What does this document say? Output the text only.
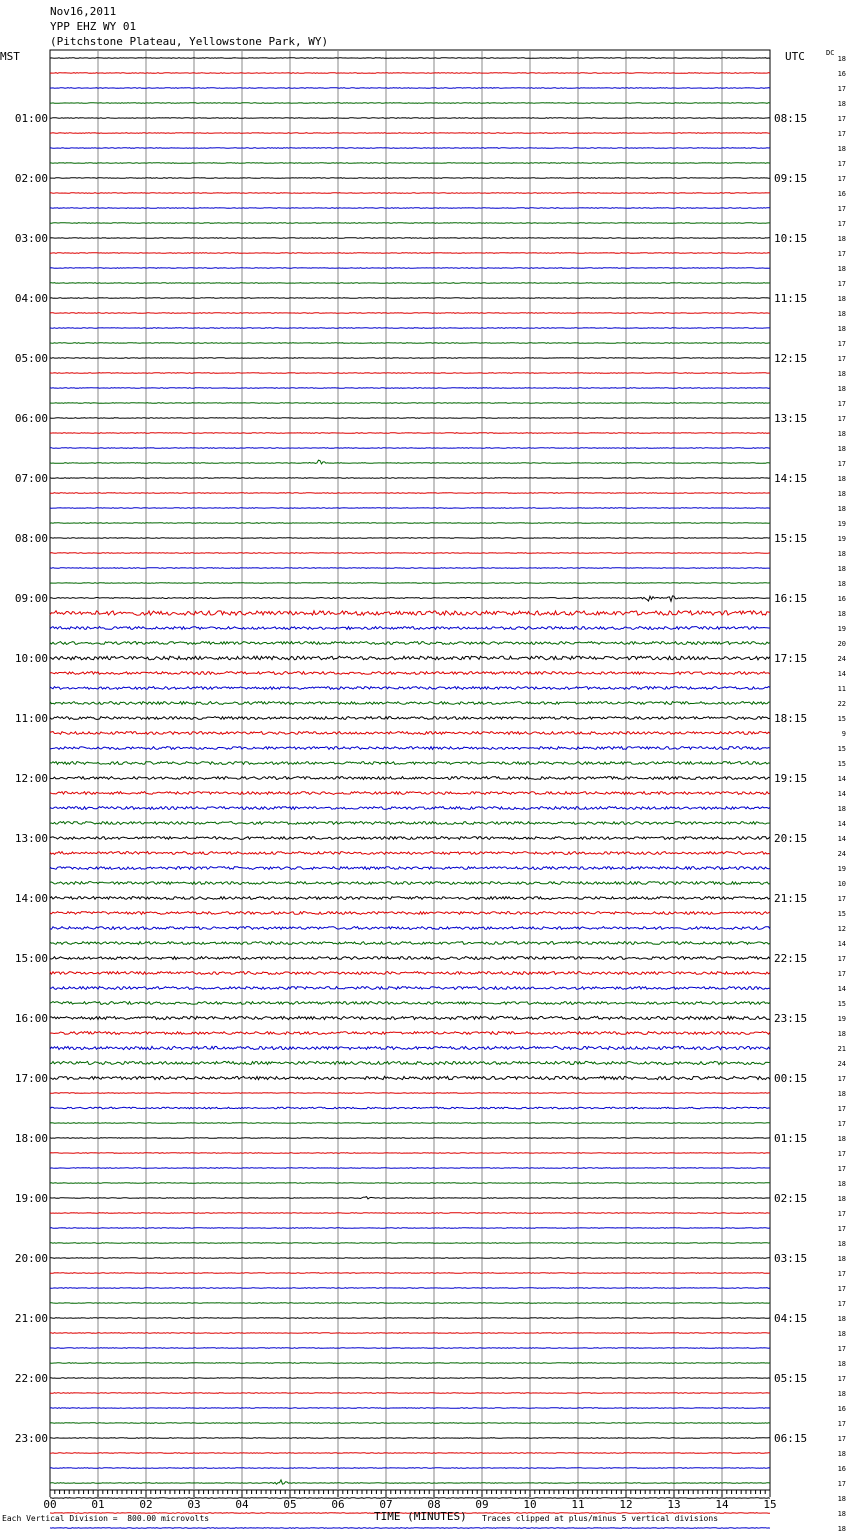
Nov16,2011
YPP EHZ WY 01
(Pitchstone Plateau, Yellowstone Park, WY)
MST	UTC	DC
01:00
02:00
03:00
04:00
05:00
06:00
07:00
08:00
09:00
10:00
11:00
12:00
13:00
14:00
15:00
16:00
17:00
18:00
19:00
20:00
21:00
22:00
23:00
08:15
09:15
10:15
11:15
12:15
13:15
14:15
15:15
16:15
17:15
18:15
19:15
20:15
21:15
22:15
23:15
00:15
01:15
02:15
03:15
04:15
05:15
06:15
18
16
17
18
17
17
18
17
17
16
17
17
18
17
18
17
18
18
18
17
17
18
18
17
17
18
18
17
18
18
18
19
19
18
18
18
16
18
19
20
24
14
11
22
15
9
15
15
14
14
18
14
14
24
19
10
17
15
12
14
17
17
14
15
19
18
21
24
17
18
17
17
18
17
17
18
18
17
17
18
18
17
17
17
18
18
17
18
17
18
16
17
17
18
16
17
18
18
18
00	01	02	03	04	05	06	07	08	09	10	11	12	13	14	15
Each Vertical Division =  800.00 microvolts	TIME (MINUTES) Traces clipped at plus/minus 5 vertical divisions
